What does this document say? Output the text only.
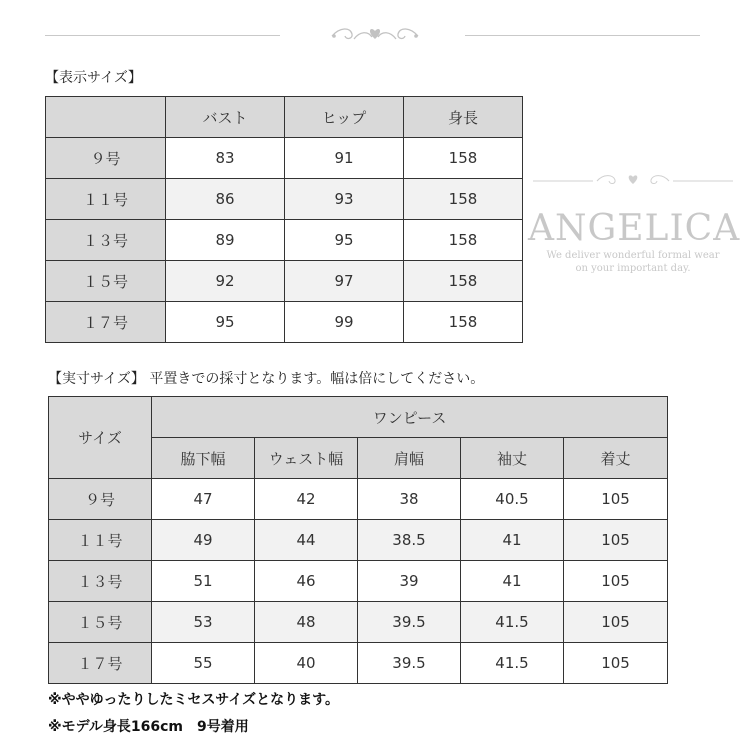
ANGELICA
We deliver wonderful formal wear
on your important day.
【表示サイズ】
	バスト	ヒップ	身長
９号	83	91	158
１１号	86	93	158
１３号	89	95	158
１５号	92	97	158
１７号	95	99	158
【実寸サイズ】 平置きでの採寸となります。幅は倍にしてください。
サイズ	ワンピース				
	脇下幅	ウェスト幅	肩幅	袖丈	着丈
９号	47	42	38	40.5	105
１１号	49	44	38.5	41	105
１３号	51	46	39	41	105
１５号	53	48	39.5	41.5	105
１７号	55	40	39.5	41.5	105
※ややゆったりしたミセスサイズとなります。
※モデル身長166cm　9号着用
